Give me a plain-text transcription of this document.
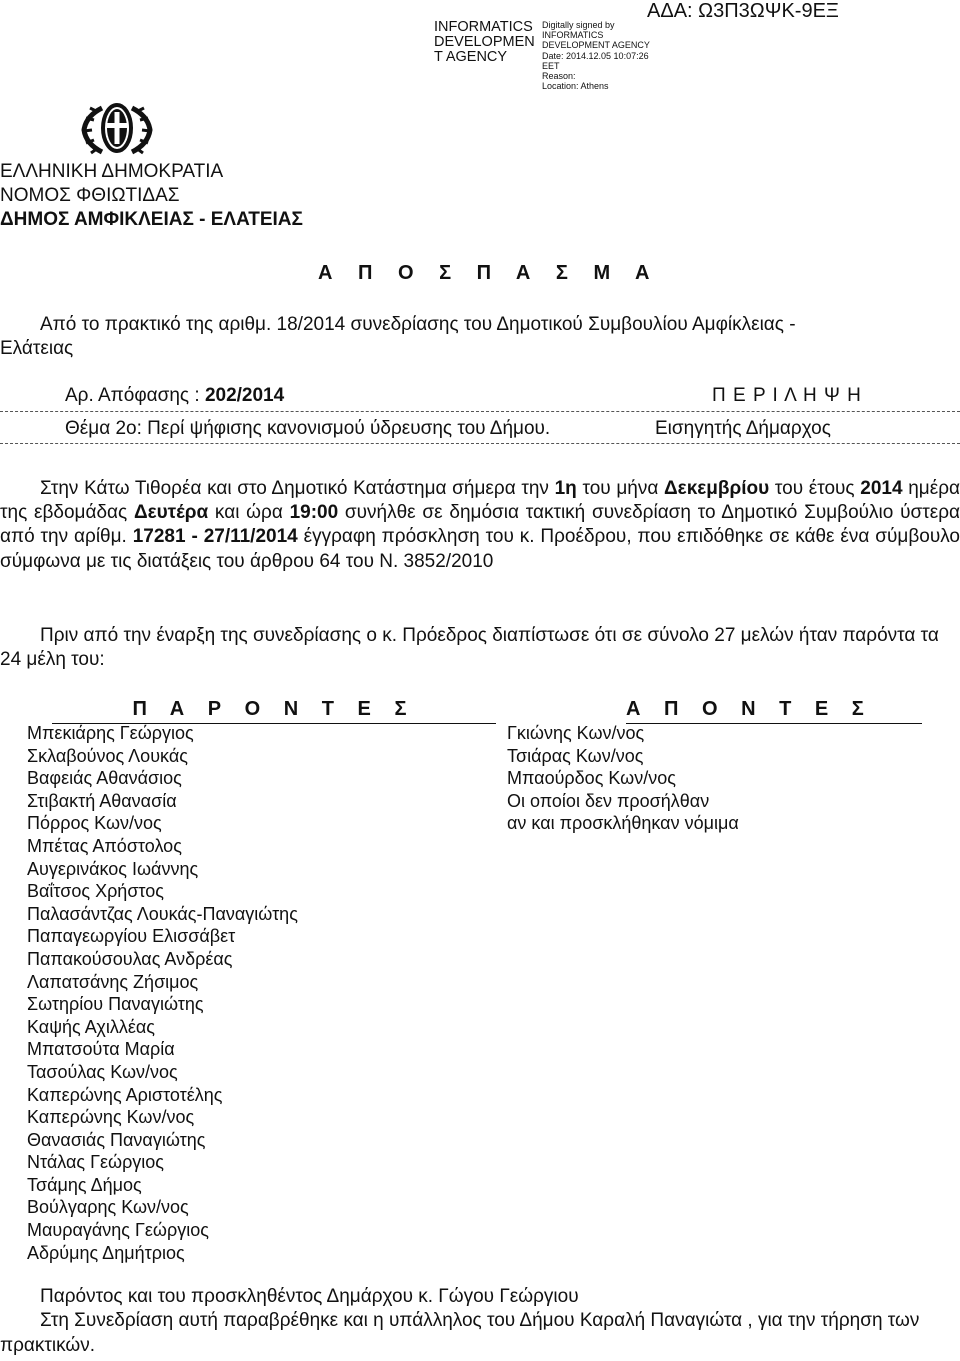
INFORMATICS
DEVELOPMEN
T AGENCY
Digitally signed by
INFORMATICS
DEVELOPMENT AGENCY
Date: 2014.12.05 10:07:26
EET
Reason:
Location: Athens
ΑΔΑ: Ω3Π3ΩΨΚ-9ΕΞ
ΕΛΛΗΝΙΚΗ ΔΗΜΟΚΡΑΤΙΑ
ΝΟΜΟΣ ΦΘΙΩΤΙΔΑΣ
ΔΗΜΟΣ ΑΜΦΙΚΛΕΙΑΣ - ΕΛΑΤΕΙΑΣ
Α Π Ο Σ Π Α Σ Μ Α
Από το πρακτικό της αριθμ. 18/2014 συνεδρίασης του Δημοτικού Συμβουλίου Αμφίκλειας -
Ελάτειας
Αρ. Απόφασης : 202/2014	Π Ε Ρ Ι Λ Η Ψ Η
Θέμα 2ο: Περί ψήφισης κανονισμού ύδρευσης του Δήμου.	Εισηγητής Δήμαρχος
Στην Κάτω Τιθορέα και στο Δημοτικό Κατάστημα σήμερα την 1η του μήνα Δεκεμβρίου του έτους 2014 ημέρα της εβδομάδας Δευτέρα και ώρα 19:00 συνήλθε σε δημόσια τακτική συνεδρίαση το Δημοτικό Συμβούλιο ύστερα από την αρίθμ. 17281 - 27/11/2014 έγγραφη πρόσκληση του κ. Προέδρου, που επιδόθηκε σε κάθε ένα σύμβουλο σύμφωνα με τις διατάξεις του άρθρου 64 του Ν. 3852/2010
Πριν από την έναρξη της συνεδρίασης ο κ. Πρόεδρος διαπίστωσε ότι σε σύνολο 27 μελών ήταν παρόντα τα 24 μέλη του:
Π Α Ρ Ο Ν Τ Ε Σ
Μπεκιάρης Γεώργιος
Σκλαβούνος Λουκάς
Βαφειάς Αθανάσιος
Στιβακτή Αθανασία
Πόρρος Κων/νος
Μπέτας Απόστολος
Αυγερινάκος Ιωάννης
Βαΐτσος Χρήστος
Παλασάντζας Λουκάς-Παναγιώτης
Παπαγεωργίου Ελισσάβετ
Παπακούσουλας Ανδρέας
Λαπατσάνης Ζήσιμος
Σωτηρίου Παναγιώτης
Καψής Αχιλλέας
Μπατσούτα Μαρία
Τασούλας Κων/νος
Καπερώνης Αριστοτέλης
Καπερώνης Κων/νος
Θανασιάς Παναγιώτης
Ντάλας Γεώργιος
Τσάμης Δήμος
Βούλγαρης Κων/νος
Μαυραγάνης Γεώργιος
Αδρύμης Δημήτριος
Α Π Ο Ν Τ Ε Σ
Γκιώνης Κων/νος
Τσιάρας Κων/νος
Μπαούρδος Κων/νος
Οι οποίοι δεν προσήλθαν
αν και προσκλήθηκαν νόμιμα
Παρόντος και του προσκληθέντος Δημάρχου κ. Γώγου Γεώργιου
Στη Συνεδρίαση αυτή παραβρέθηκε και η υπάλληλος του Δήμου Καραλή Παναγιώτα , για την τήρηση των πρακτικών.
